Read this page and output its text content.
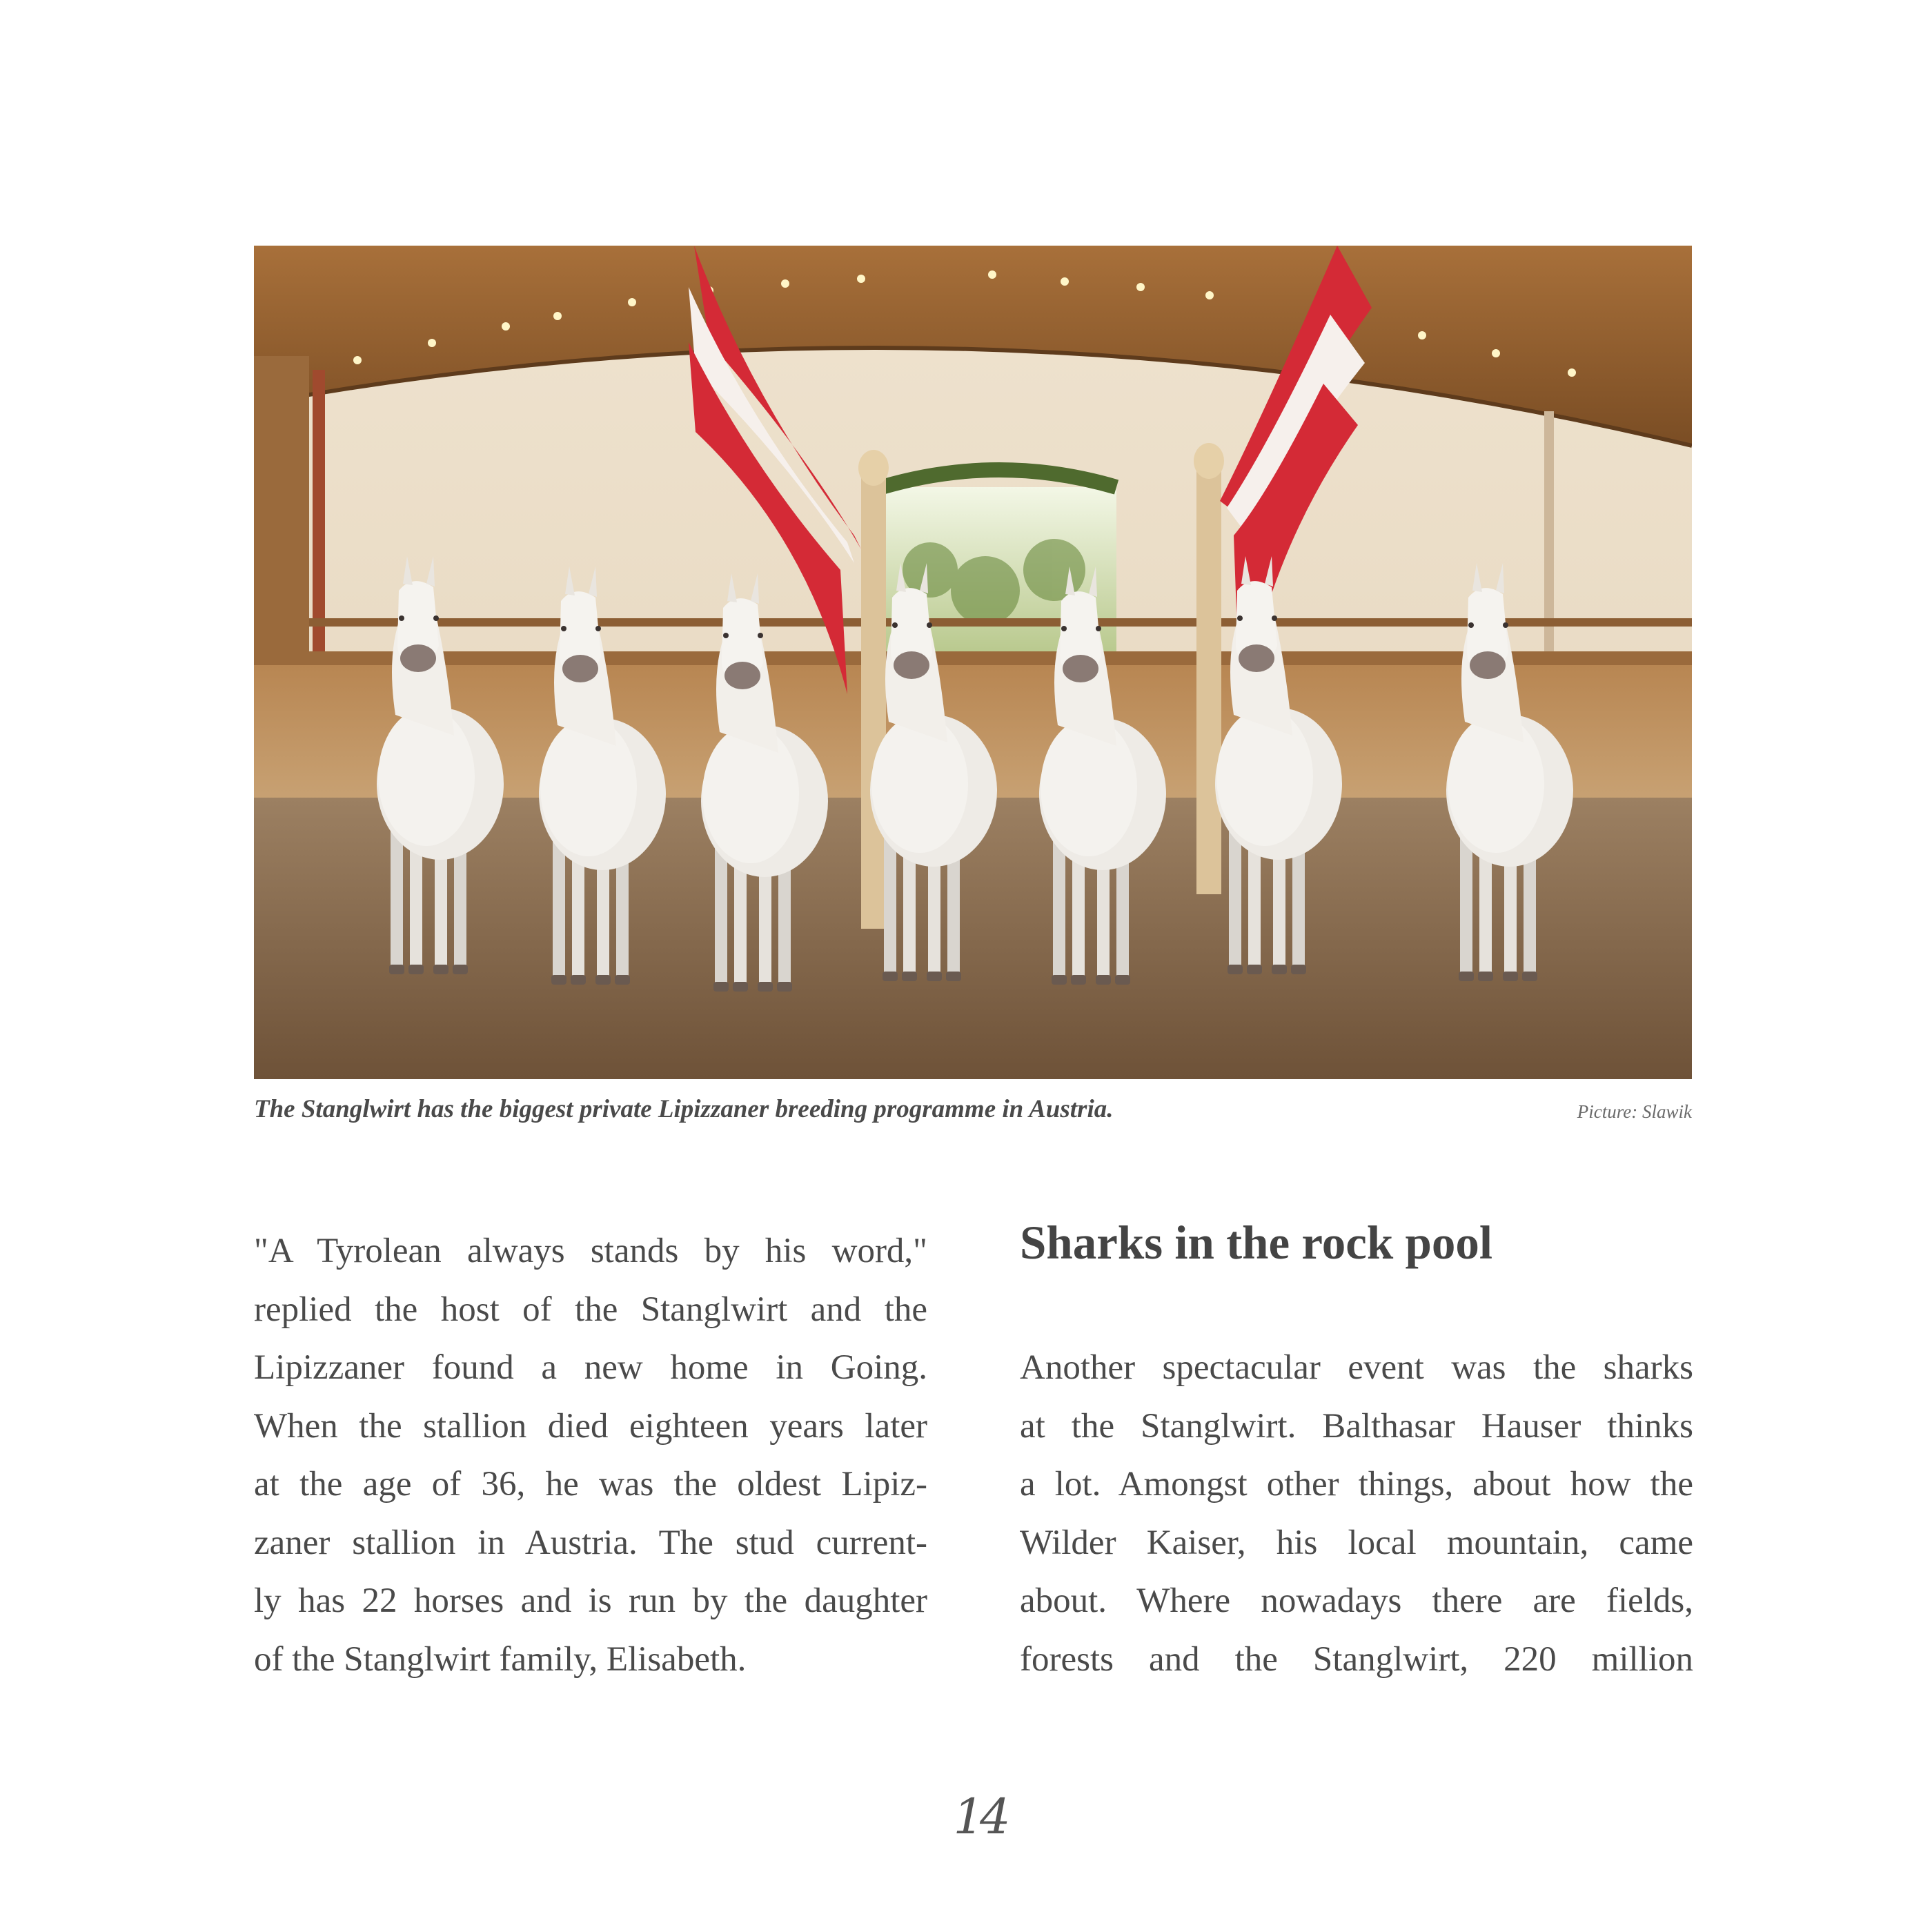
The Stanglwirt has the biggest private Lipizzaner breeding programme in Austria.	Picture: Slawik
"A Tyrolean always stands by his word,"
replied the host of the Stanglwirt and the
Lipizzaner found a new home in Going.
When the stallion died eighteen years later
at the age of 36, he was the oldest Lipiz-
zaner stallion in Austria. The stud current-
ly has 22 horses and is run by the daughter
of the Stanglwirt family, Elisabeth.
Sharks in the rock pool
Another spectacular event was the sharks
at the Stanglwirt. Balthasar Hauser thinks
a lot. Amongst other things, about how the
Wilder Kaiser, his local mountain, came
about. Where nowadays there are fields,
forests and the Stanglwirt, 220 million
14
